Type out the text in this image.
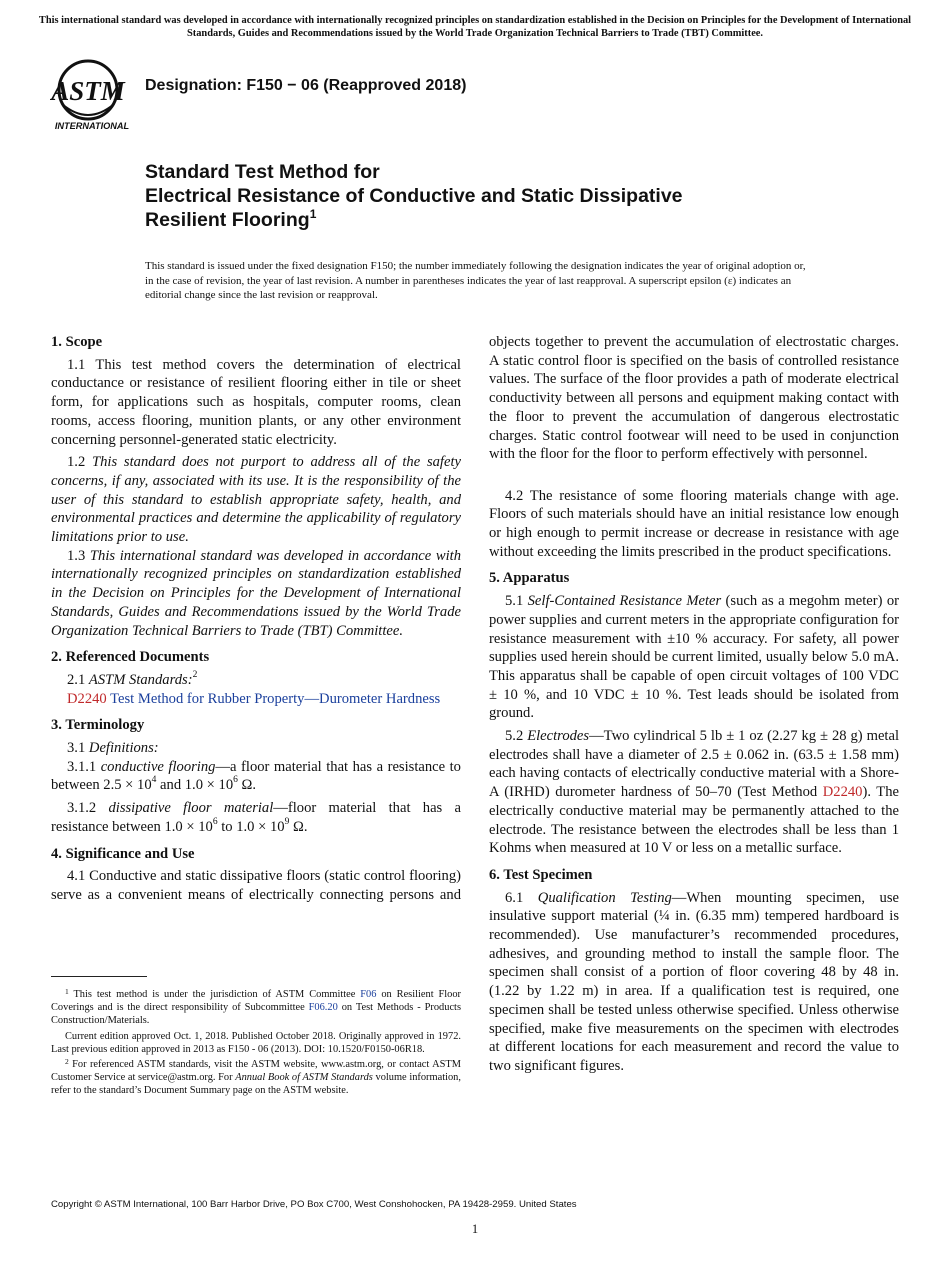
This international standard was developed in accordance with internationally recognized principles on standardization established in the Decision on Principles for the Development of International Standards, Guides and Recommendations issued by the World Trade Organization Technical Barriers to Trade (TBT) Committee.
ASTM
INTERNATIONAL
Designation: F150 − 06 (Reapproved 2018)
Standard Test Method for
Electrical Resistance of Conductive and Static Dissipative
Resilient Flooring$^1$
This standard is issued under the fixed designation F150; the number immediately following the designation indicates the year of original adoption or, in the case of revision, the year of last revision. A number in parentheses indicates the year of last reapproval. A superscript epsilon (ε) indicates an editorial change since the last revision or reapproval.
1. Scope

1.1 This test method covers the determination of electrical conductance or resistance of resilient flooring either in tile or sheet form, for applications such as hospitals, computer rooms, clean rooms, access flooring, munition plants, or any other environment concerning personnel-generated static electricity.

1.2 This standard does not purport to address all of the safety concerns, if any, associated with its use. It is the responsibility of the user of this standard to establish appropriate safety, health, and environmental practices and determine the applicability of regulatory limitations prior to use.

1.3 This international standard was developed in accordance with internationally recognized principles on standardization established in the Decision on Principles for the Development of International Standards, Guides and Recommendations issued by the World Trade Organization Technical Barriers to Trade (TBT) Committee.

2. Referenced Documents

2.1 ASTM Standards:$^2$

D2240 Test Method for Rubber Property—Durometer Hardness

3. Terminology

3.1 Definitions:

3.1.1 conductive flooring—a floor material that has a resistance to between $2.5 \times 10^4$ and $1.0 \times 10^6$ Ω.

3.1.2 dissipative floor material—floor material that has a resistance between $1.0 \times 10^6$ to $1.0 \times 10^9$ Ω.

4. Significance and Use

4.1 Conductive and static dissipative floors (static control flooring) serve as a convenient means of electrically connecting persons and

objects together to prevent the accumulation of electrostatic charges. A static control floor is specified on the basis of controlled resistance values. The surface of the floor provides a path of moderate electrical conductivity between all persons and equipment making contact with the floor to prevent the accumulation of dangerous electrostatic charges. Static control footwear will need to be used in conjunction with the floor for the floor to perform effectively with personnel.

4.2 The resistance of some flooring materials change with age. Floors of such materials should have an initial resistance low enough or high enough to permit increase or decrease in resistance with age without exceeding the limits prescribed in the product specifications.

5. Apparatus

5.1 Self-Contained Resistance Meter (such as a megohm meter) or power supplies and current meters in the appropriate configuration for resistance measurement with ±10 % accuracy. For safety, all power supplies used herein should be current limited, usually below 5.0 mA. This apparatus shall be capable of open circuit voltages of 100 VDC ± 10 %, and 10 VDC ± 10 %. Test leads should be isolated from ground.

5.2 Electrodes—Two cylindrical 5 lb ± 1 oz (2.27 kg ± 28 g) metal electrodes shall have a diameter of 2.5 ± 0.062 in. (63.5 ± 1.58 mm) each having contacts of electrically conductive material with a Shore-A (IRHD) durometer hardness of 50–70 (Test Method D2240). The electrically conductive material may be permanently attached to the electrode. The resistance between the electrodes shall be less than 1 Kohms when measured at 10 V or less on a metallic surface.

6. Test Specimen

6.1 Qualification Testing—When mounting specimen, use insulative support material (¼ in. (6.35 mm) tempered hardboard is recommended). Use manufacturer’s recommended procedures, adhesives, and grounding method to install the sample floor. The specimen shall consist of a portion of floor covering 48 by 48 in. (1.22 by 1.22 m) in area. If a qualification test is required, one specimen shall be tested unless otherwise specified. Unless otherwise specified, make five measurements on the specimen with electrodes at different locations for each measurement and record the value to two significant figures.

$^1$ This test method is under the jurisdiction of ASTM Committee F06 on Resilient Floor Coverings and is the direct responsibility of Subcommittee F06.20 on Test Methods - Products Construction/Materials.

Current edition approved Oct. 1, 2018. Published October 2018. Originally approved in 1972. Last previous edition approved in 2013 as F150 - 06 (2013). DOI: 10.1520/F0150-06R18.

$^2$ For referenced ASTM standards, visit the ASTM website, www.astm.org, or contact ASTM Customer Service at service@astm.org. For Annual Book of ASTM Standards volume information, refer to the standard’s Document Summary page on the ASTM website.

Copyright © ASTM International, 100 Barr Harbor Drive, PO Box C700, West Conshohocken, PA 19428-2959. United States
1
